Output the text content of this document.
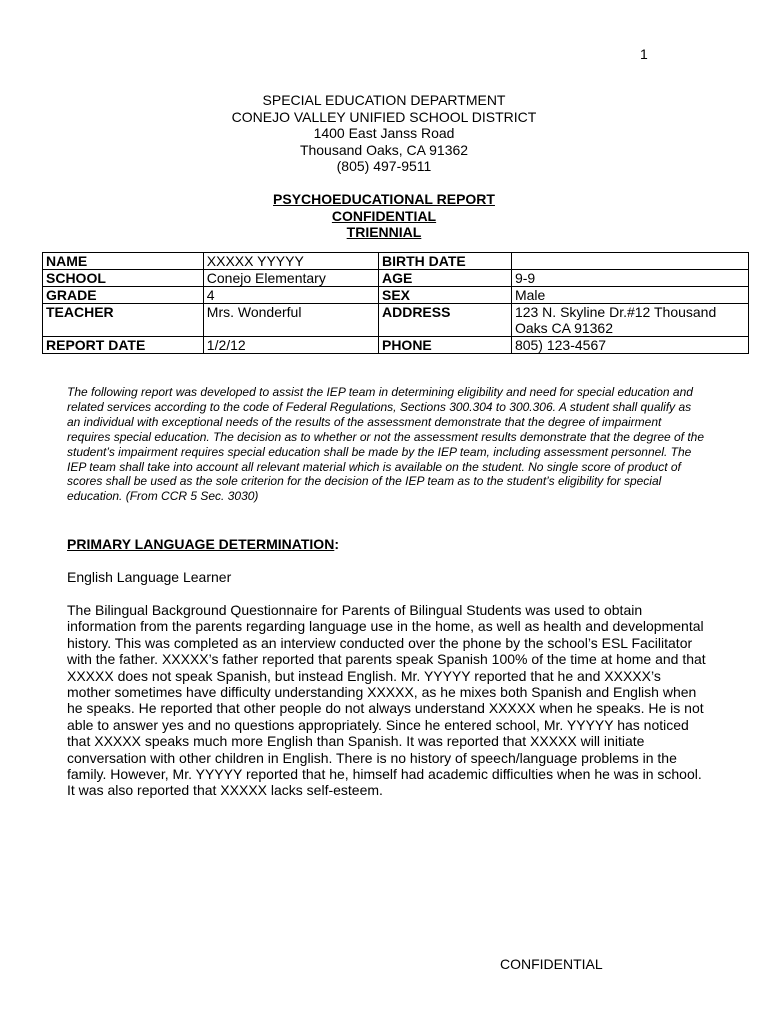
1
SPECIAL EDUCATION DEPARTMENT
CONEJO VALLEY UNIFIED SCHOOL DISTRICT
1400 East Janss Road
Thousand Oaks, CA 91362
(805) 497-9511
PSYCHOEDUCATIONAL REPORT
CONFIDENTIAL
TRIENNIAL
NAME	XXXXX YYYYY	BIRTH DATE	
SCHOOL	Conejo Elementary	AGE	9-9
GRADE	4	SEX	Male
TEACHER	Mrs. Wonderful	ADDRESS	123 N. Skyline Dr.#12 Thousand Oaks CA 91362
REPORT DATE	1/2/12	PHONE	805) 123-4567
The following report was developed to assist the IEP team in determining eligibility and need for special education and related services according to the code of Federal Regulations, Sections 300.304 to 300.306. A student shall qualify as an individual with exceptional needs of the results of the assessment demonstrate that the degree of impairment requires special education. The decision as to whether or not the assessment results demonstrate that the degree of the student’s impairment requires special education shall be made by the IEP team, including assessment personnel. The IEP team shall take into account all relevant material which is available on the student. No single score of product of scores shall be used as the sole criterion for the decision of the IEP team as to the student’s eligibility for special education. (From CCR 5 Sec. 3030)
PRIMARY LANGUAGE DETERMINATION:
English Language Learner
The Bilingual Background Questionnaire for Parents of Bilingual Students was used to obtain information from the parents regarding language use in the home, as well as health and developmental history. This was completed as an interview conducted over the phone by the school’s ESL Facilitator with the father. XXXXX’s father reported that parents speak Spanish 100% of the time at home and that XXXXX does not speak Spanish, but instead English. Mr. YYYYY reported that he and XXXXX’s mother sometimes have difficulty understanding XXXXX, as he mixes both Spanish and English when he speaks. He reported that other people do not always understand XXXXX when he speaks. He is not able to answer yes and no questions appropriately. Since he entered school, Mr. YYYYY has noticed that XXXXX speaks much more English than Spanish. It was reported that XXXXX will initiate conversation with other children in English. There is no history of speech/language problems in the family. However, Mr. YYYYY reported that he, himself had academic difficulties when he was in school. It was also reported that XXXXX lacks self-esteem.
CONFIDENTIAL
